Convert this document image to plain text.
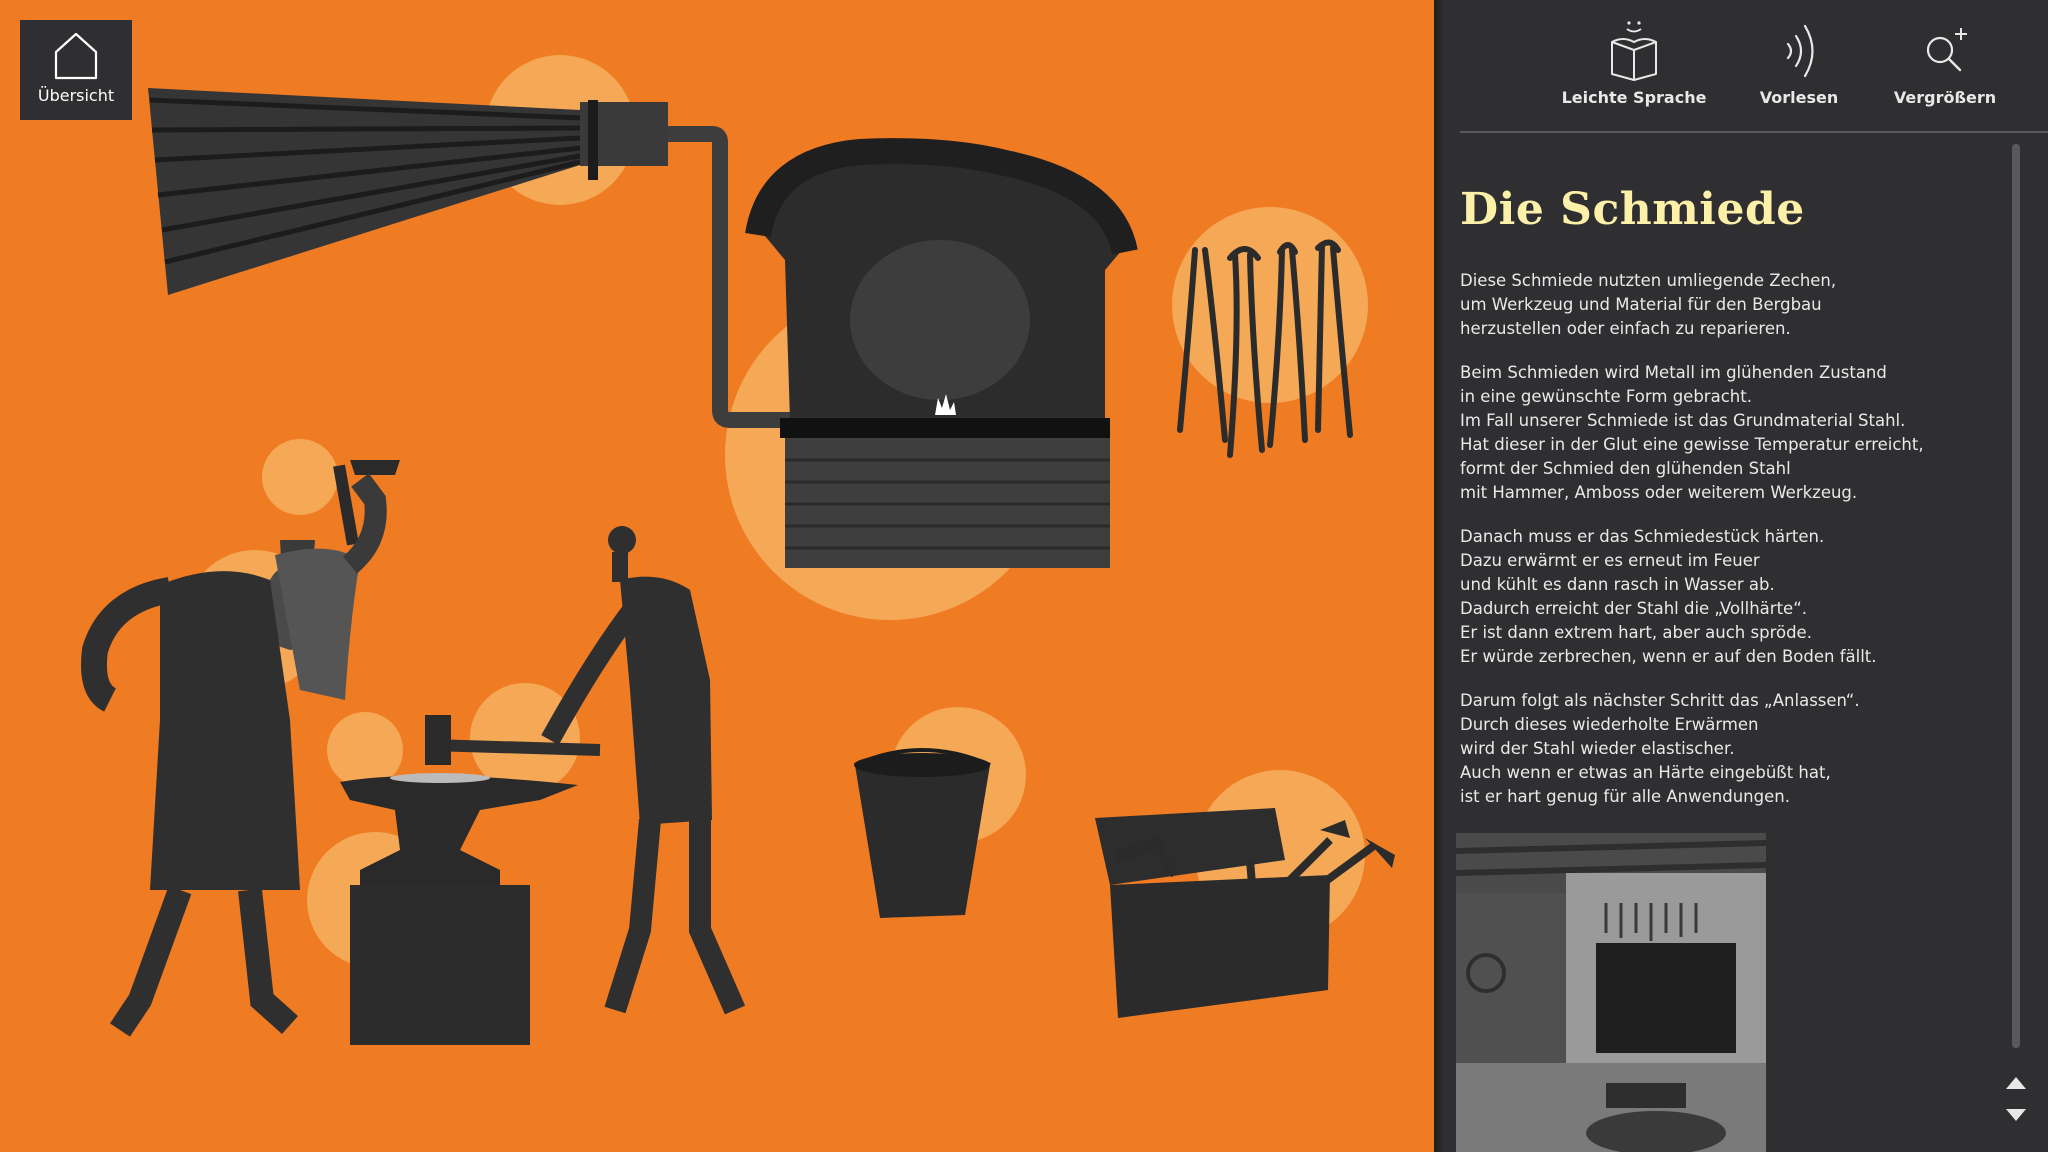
Übersicht	Leichte Sprache	Vorlesen	Vergrößern
Die Schmiede

Diese Schmiede nutzten umliegende Zechen,
um Werkzeug und Material für den Bergbau
herzustellen oder einfach zu reparieren.

Beim Schmieden wird Metall im glühenden Zustand
in eine gewünschte Form gebracht.
Im Fall unserer Schmiede ist das Grundmaterial Stahl.
Hat dieser in der Glut eine gewisse Temperatur erreicht,
formt der Schmied den glühenden Stahl
mit Hammer, Amboss oder weiterem Werkzeug.

Danach muss er das Schmiedestück härten.
Dazu erwärmt er es erneut im Feuer
und kühlt es dann rasch in Wasser ab.
Dadurch erreicht der Stahl die „Vollhärte“.
Er ist dann extrem hart, aber auch spröde.
Er würde zerbrechen, wenn er auf den Boden fällt.

Darum folgt als nächster Schritt das „Anlassen“.
Durch dieses wiederholte Erwärmen
wird der Stahl wieder elastischer.
Auch wenn er etwas an Härte eingebüßt hat,
ist er hart genug für alle Anwendungen.
